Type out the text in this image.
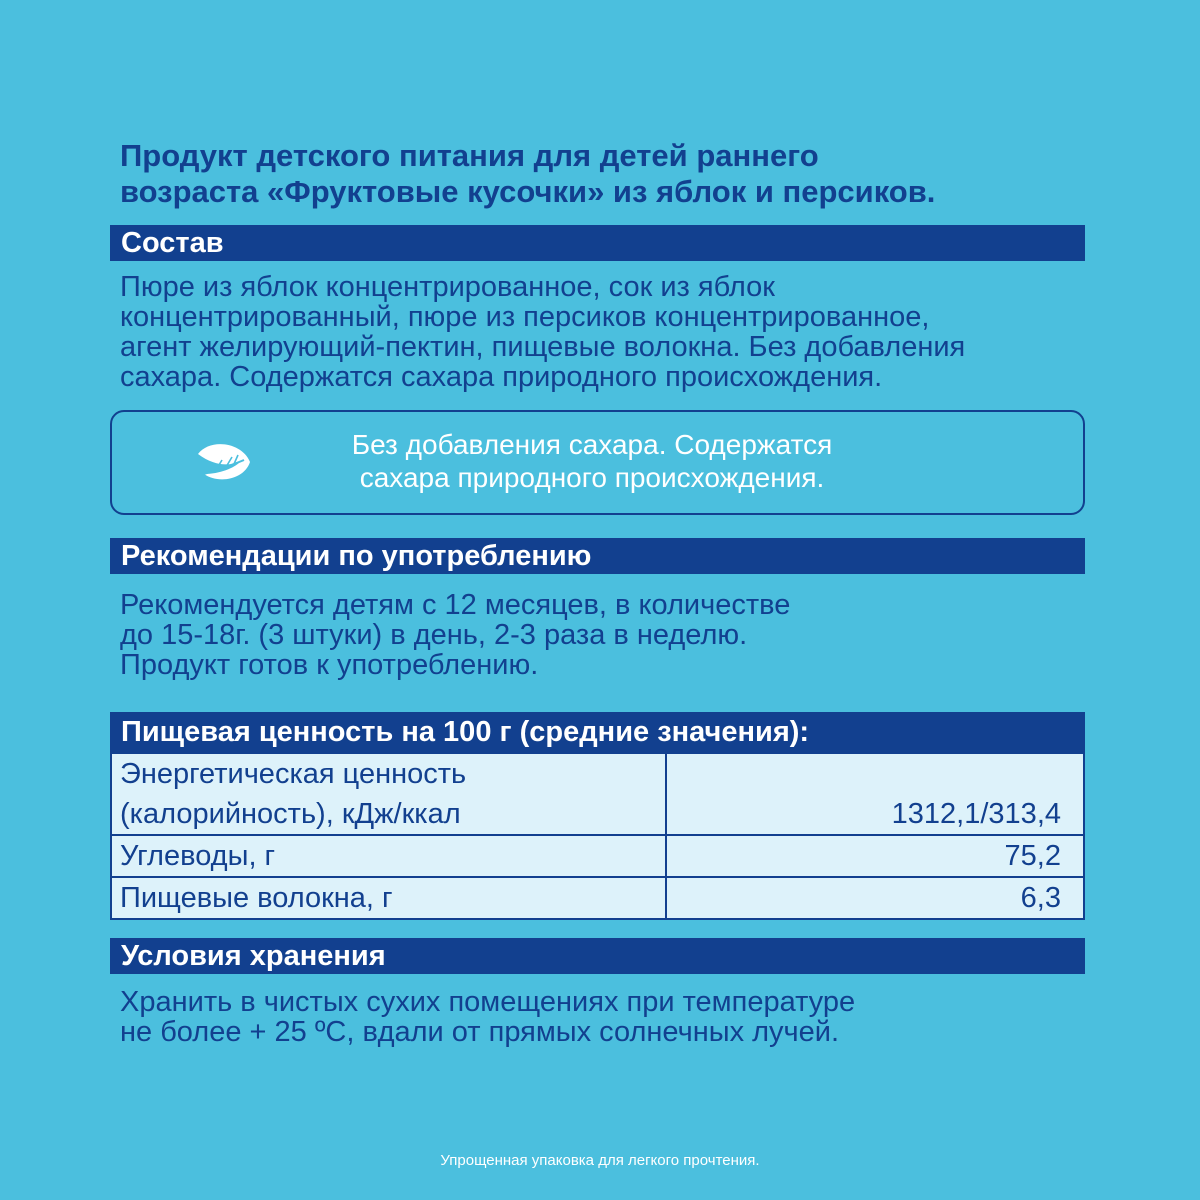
Продукт детского питания для детей раннего
возраста «Фруктовые кусочки» из яблок и персиков.
Состав

Пюре из яблок концентрированное, сок из яблок
концентрированный, пюре из персиков концентрированное,
агент желирующий-пектин, пищевые волокна. Без добавления
сахара. Содержатся сахара природного происхождения.

Без добавления сахара. Содержатся
сахара природного происхождения.
Рекомендации по употреблению

Рекомендуется детям с 12 месяцев, в количестве
до 15-18г. (3 штуки) в день, 2-3 раза в неделю.
Продукт готов к употреблению.

Пищевая ценность на 100 г (средние значения):
Энергетическая ценность
(калорийность), кДж/ккал	1312,1/313,4
Углеводы, г	75,2
Пищевые волокна, г	6,3
Условия хранения

Хранить в чистых сухих помещениях при температуре
не более + 25 ºС, вдали от прямых солнечных лучей.

Упрощенная упаковка для легкого прочтения.
